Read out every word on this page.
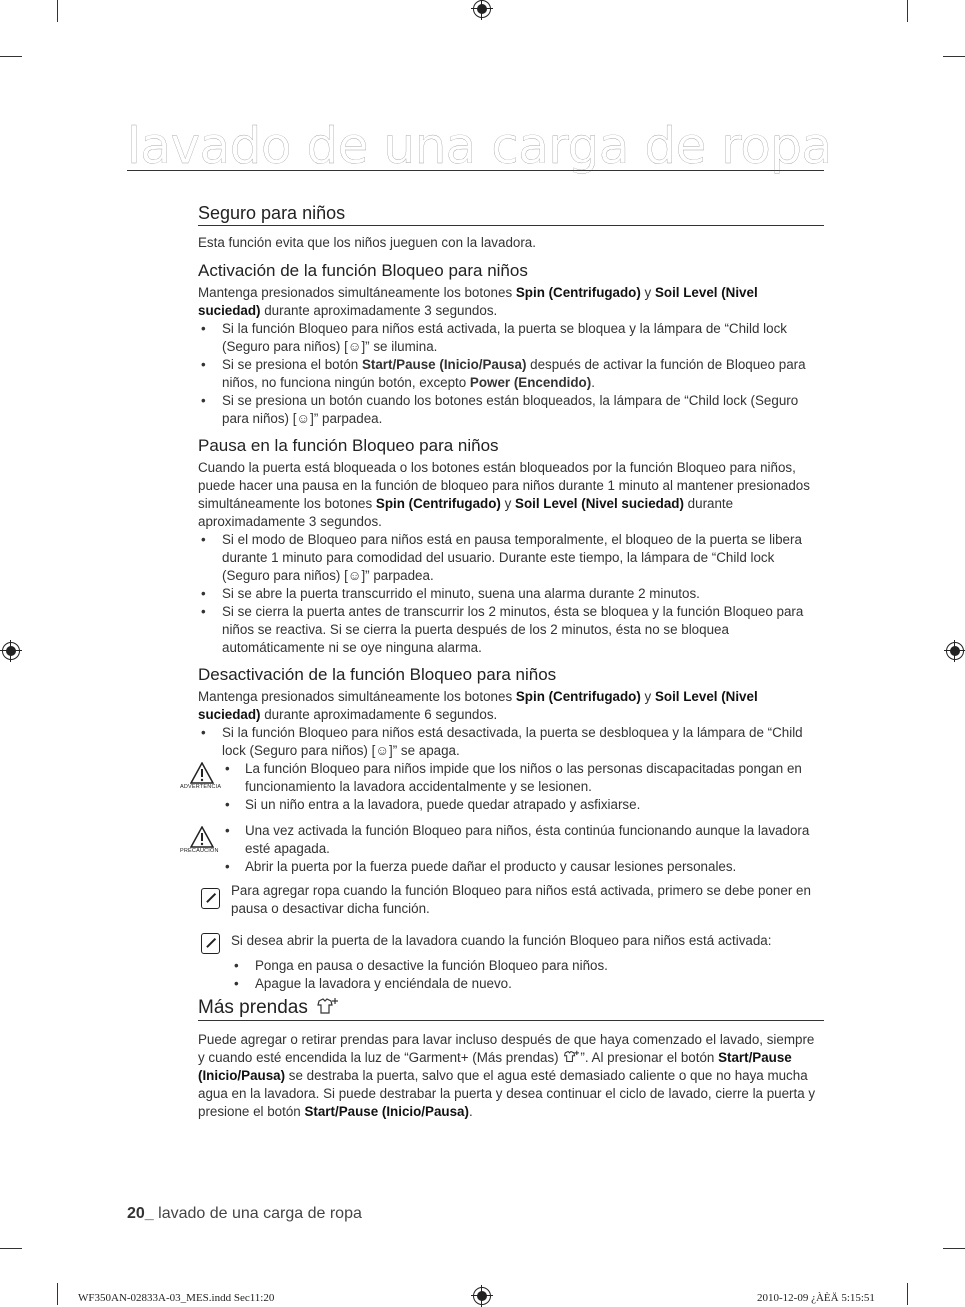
lavado de una carga de ropa
Seguro para niños
Esta función evita que los niños jueguen con la lavadora.
Activación de la función Bloqueo para niños
Mantenga presionados simultáneamente los botones Spin (Centrifugado) y Soil Level (Nivel suciedad) durante aproximadamente 3 segundos.
• Si la función Bloqueo para niños está activada, la puerta se bloquea y la lámpara de “Child lock (Seguro para niños) [☺]” se ilumina.
• Si se presiona el botón Start/Pause (Inicio/Pausa) después de activar la función de Bloqueo para niños, no funciona ningún botón, excepto Power (Encendido).
• Si se presiona un botón cuando los botones están bloqueados, la lámpara de “Child lock (Seguro para niños) [☺]” parpadea.
Pausa en la función Bloqueo para niños
Cuando la puerta está bloqueada o los botones están bloqueados por la función Bloqueo para niños, puede hacer una pausa en la función de bloqueo para niños durante 1 minuto al mantener presionados simultáneamente los botones Spin (Centrifugado) y Soil Level (Nivel suciedad) durante aproximadamente 3 segundos.
• Si el modo de Bloqueo para niños está en pausa temporalmente, el bloqueo de la puerta se libera durante 1 minuto para comodidad del usuario. Durante este tiempo, la lámpara de “Child lock (Seguro para niños) [☺]” parpadea.
• Si se abre la puerta transcurrido el minuto, suena una alarma durante 2 minutos.
• Si se cierra la puerta antes de transcurrir los 2 minutos, ésta se bloquea y la función Bloqueo para niños se reactiva. Si se cierra la puerta después de los 2 minutos, ésta no se bloquea automáticamente ni se oye ninguna alarma.
Desactivación de la función Bloqueo para niños
Mantenga presionados simultáneamente los botones Spin (Centrifugado) y Soil Level (Nivel suciedad) durante aproximadamente 6 segundos.
• Si la función Bloqueo para niños está desactivada, la puerta se desbloquea y la lámpara de “Child lock (Seguro para niños) [☺]” se apaga.
ADVERTENCIA
• La función Bloqueo para niños impide que los niños o las personas discapacitadas pongan en funcionamiento la lavadora accidentalmente y se lesionen.
• Si un niño entra a la lavadora, puede quedar atrapado y asfixiarse.
PRECAUCIÓN
• Una vez activada la función Bloqueo para niños, ésta continúa funcionando aunque la lavadora esté apagada.
• Abrir la puerta por la fuerza puede dañar el producto y causar lesiones personales.
Para agregar ropa cuando la función Bloqueo para niños está activada, primero se debe poner en pausa o desactivar dicha función.
Si desea abrir la puerta de la lavadora cuando la función Bloqueo para niños está activada:
• Ponga en pausa o desactive la función Bloqueo para niños.
• Apague la lavadora y enciéndala de nuevo.
Más prendas
Puede agregar o retirar prendas para lavar incluso después de que haya comenzado el lavado, siempre y cuando esté encendida la luz de “Garment+ (Más prendas) ”. Al presionar el botón Start/Pause (Inicio/Pausa) se destraba la puerta, salvo que el agua esté demasiado caliente o que no haya mucha agua en la lavadora. Si puede destrabar la puerta y desea continuar el ciclo de lavado, cierre la puerta y presione el botón Start/Pause (Inicio/Pausa).
20_ lavado de una carga de ropa
WF350AN-02833A-03_MES.indd Sec11:20	2010-12-09 ¿ÀÈÄ 5:15:51
